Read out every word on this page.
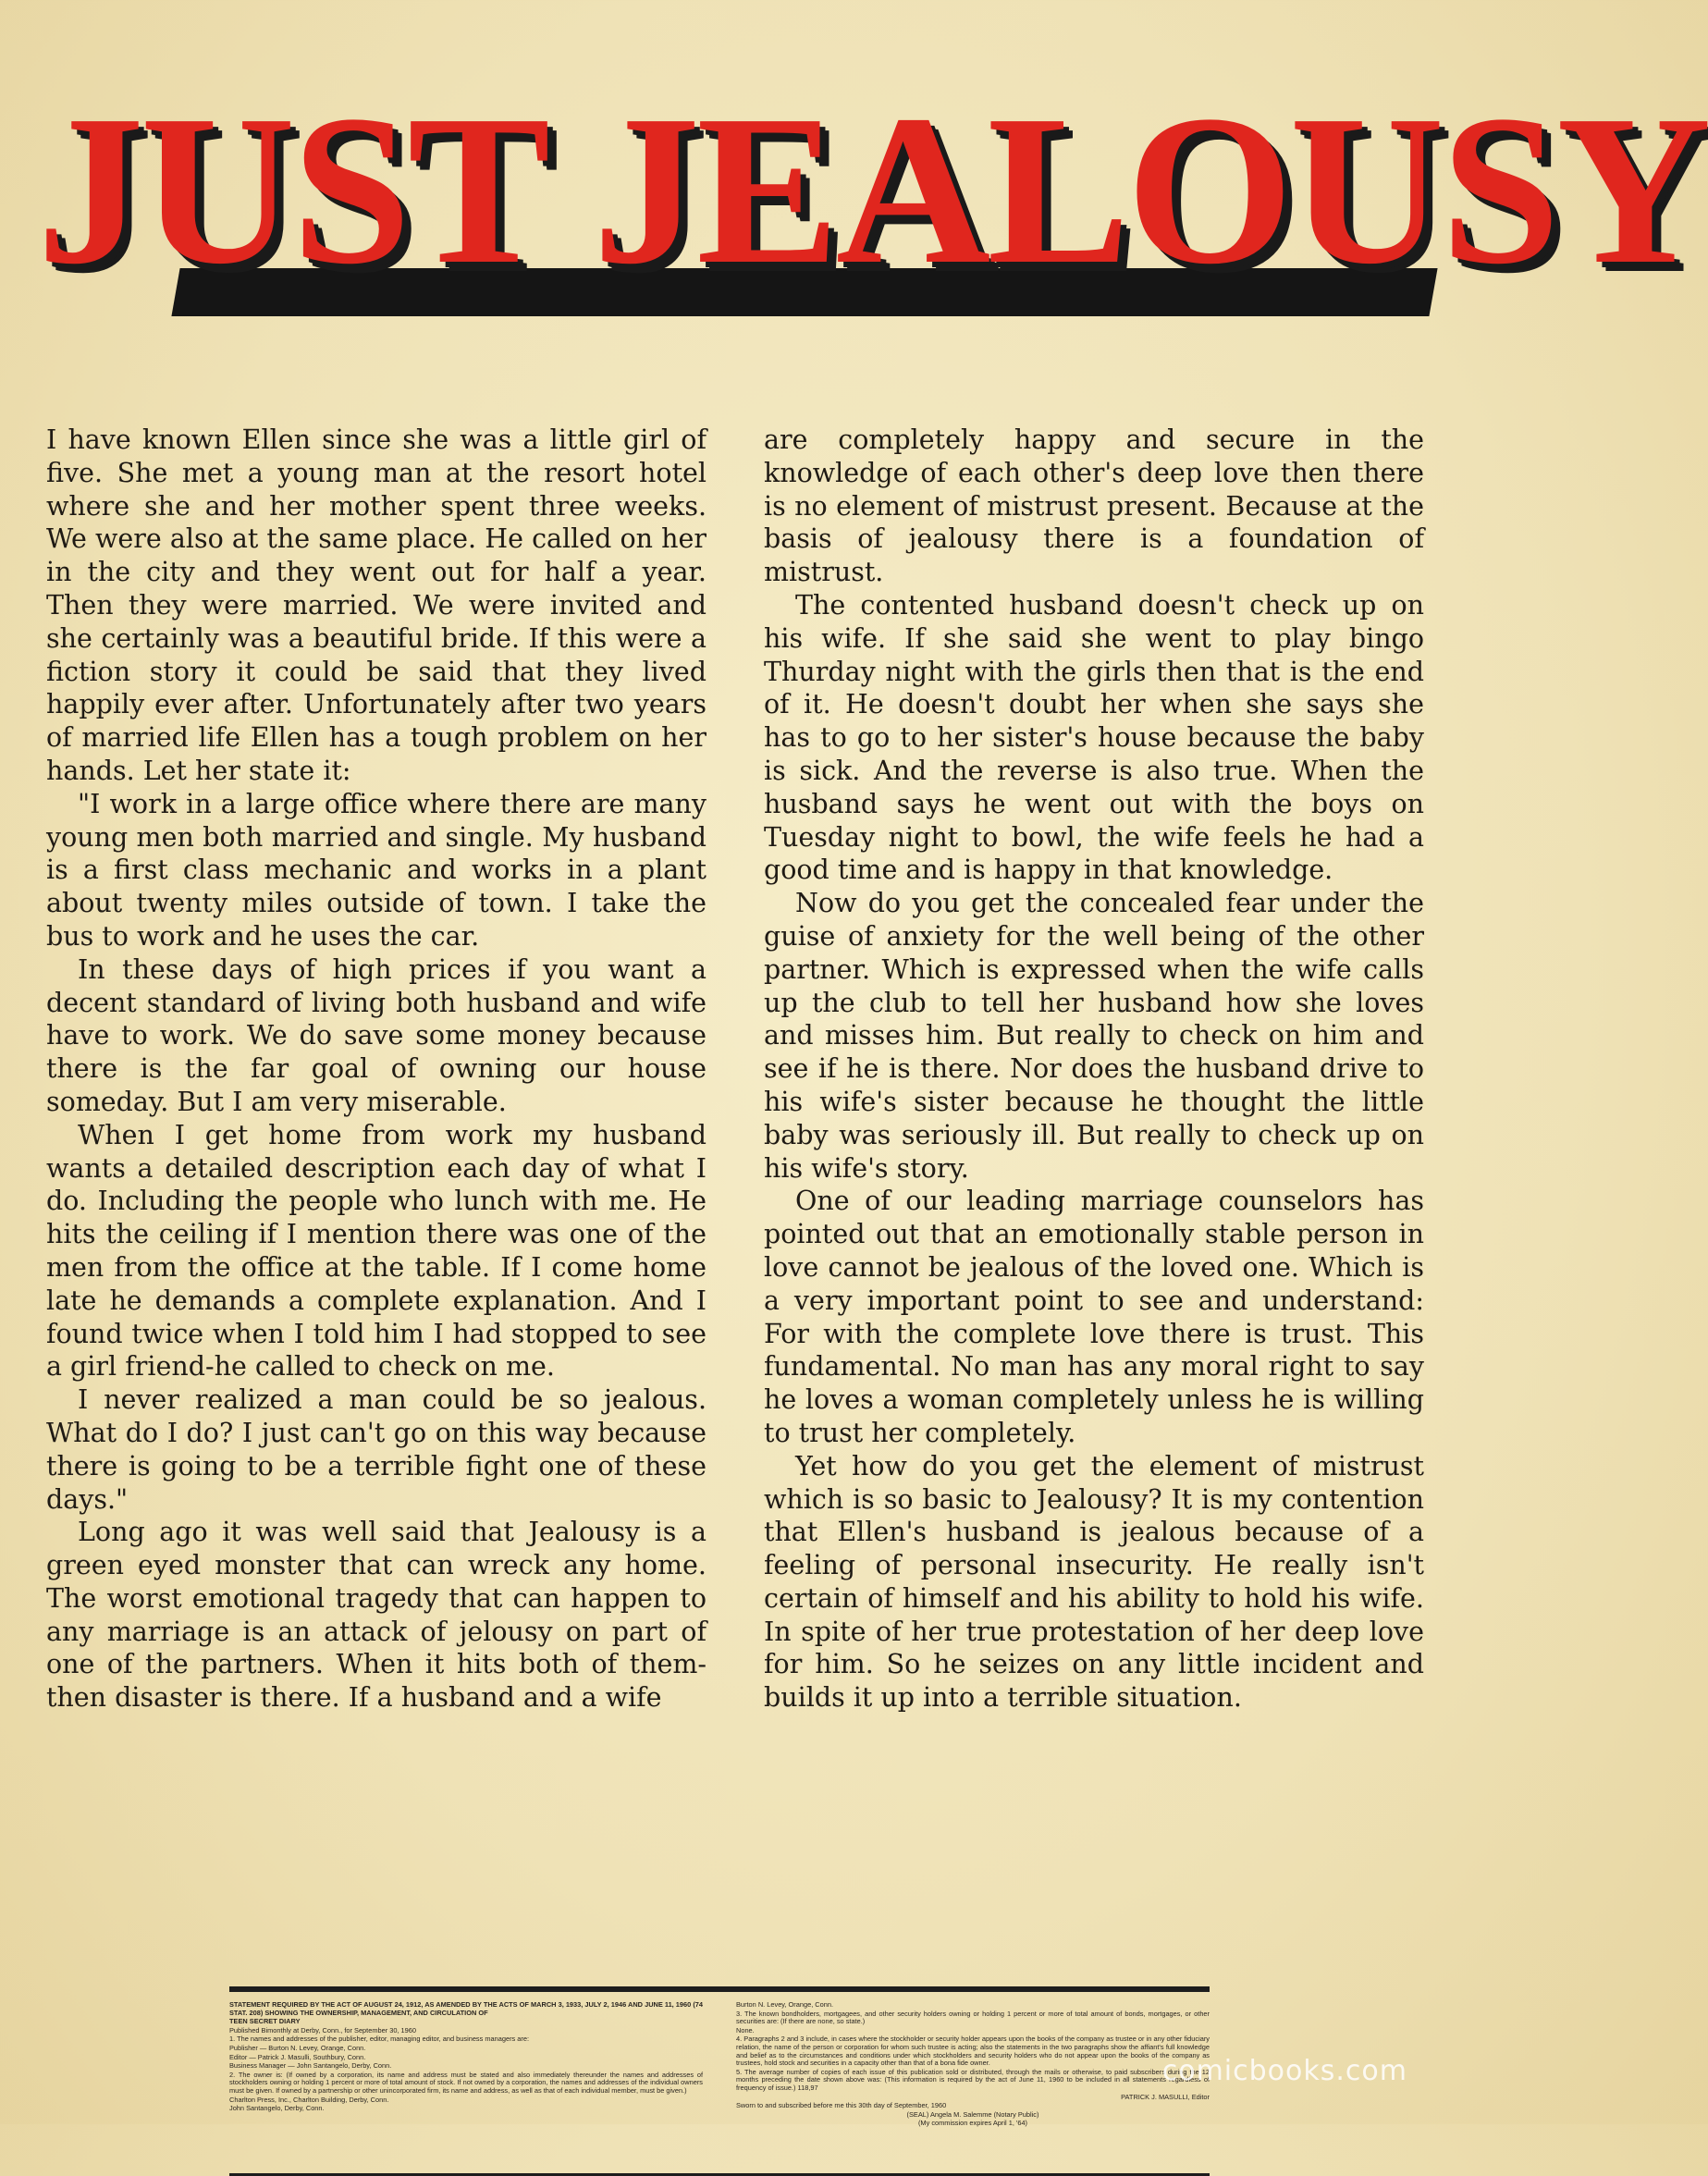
JUST JEALOUSY

I have known Ellen since she was a little girl of five. She met a young man at the resort hotel where she and her mother spent three weeks. We were also at the same place. He called on her in the city and they went out for half a year. Then they were married. We were invited and she certainly was a beautiful bride. If this were a fiction story it could be said that they lived happily ever after. Unfortunately after two years of married life Ellen has a tough problem on her hands. Let her state it:

"I work in a large office where there are many young men both married and single. My husband is a first class mechanic and works in a plant about twenty miles outside of town. I take the bus to work and he uses the car.

In these days of high prices if you want a decent standard of living both husband and wife have to work. We do save some money because there is the far goal of owning our house someday. But I am very miserable.

When I get home from work my husband wants a detailed description each day of what I do. Including the people who lunch with me. He hits the ceiling if I mention there was one of the men from the office at the table. If I come home late he demands a complete explanation. And I found twice when I told him I had stopped to see a girl friend-he called to check on me.

I never realized a man could be so jealous. What do I do? I just can't go on this way because there is going to be a terrible fight one of these days."

Long ago it was well said that Jealousy is a green eyed monster that can wreck any home. The worst emotional tragedy that can happen to any marriage is an attack of jelousy on part of one of the partners. When it hits both of them-then disaster is there. If a husband and a wife

are completely happy and secure in the knowledge of each other's deep love then there is no element of mistrust present. Because at the basis of jealousy there is a foundation of mistrust.

The contented husband doesn't check up on his wife. If she said she went to play bingo Thurday night with the girls then that is the end of it. He doesn't doubt her when she says she has to go to her sister's house because the baby is sick. And the reverse is also true. When the husband says he went out with the boys on Tuesday night to bowl, the wife feels he had a good time and is happy in that knowledge.

Now do you get the concealed fear under the guise of anxiety for the well being of the other partner. Which is expressed when the wife calls up the club to tell her husband how she loves and misses him. But really to check on him and see if he is there. Nor does the husband drive to his wife's sister because he thought the little baby was seriously ill. But really to check up on his wife's story.

One of our leading marriage counselors has pointed out that an emotionally stable person in love cannot be jealous of the loved one. Which is a very important point to see and understand: For with the complete love there is trust. This fundamental. No man has any moral right to say he loves a woman completely unless he is willing to trust her completely.

Yet how do you get the element of mistrust which is so basic to Jealousy? It is my contention that Ellen's husband is jealous because of a feeling of personal insecurity. He really isn't certain of himself and his ability to hold his wife. In spite of her true protestation of her deep love for him. So he seizes on any little incident and builds it up into a terrible situation.

STATEMENT REQUIRED BY THE ACT OF AUGUST 24, 1912, AS AMENDED BY THE ACTS OF MARCH 3, 1933, JULY 2, 1946 AND JUNE 11, 1960 (74 STAT. 208) SHOWING THE OWNERSHIP, MANAGEMENT, AND CIRCULATION OF

TEEN SECRET DIARY

Published Bimonthly at Derby, Conn., for September 30, 1960

1. The names and addresses of the publisher, editor, managing editor, and business managers are:

Publisher — Burton N. Levey, Orange, Conn.

Editor — Patrick J. Masulli, Southbury, Conn.

Business Manager — John Santangelo, Derby, Conn.

2. The owner is: (If owned by a corporation, its name and address must be stated and also immediately thereunder the names and addresses of stockholders owning or holding 1 percent or more of total amount of stock. If not owned by a corporation, the names and addresses of the individual owners must be given. If owned by a partnership or other unincorporated firm, its name and address, as well as that of each individual member, must be given.)

Charlton Press, Inc., Charlton Building, Derby, Conn.

John Santangelo, Derby, Conn.

Burton N. Levey, Orange, Conn.

3. The known bondholders, mortgagees, and other security holders owning or holding 1 percent or more of total amount of bonds, mortgages, or other securities are: (If there are none, so state.)

None.

4. Paragraphs 2 and 3 include, in cases where the stockholder or security holder appears upon the books of the company as trustee or in any other fiduciary relation, the name of the person or corporation for whom such trustee is acting; also the statements in the two paragraphs show the affiant's full knowledge and belief as to the circumstances and conditions under which stockholders and security holders who do not appear upon the books of the company as trustees, hold stock and securities in a capacity other than that of a bona fide owner.

5. The average number of copies of each issue of this publication sold or distributed, through the mails or otherwise, to paid subscribers during the 12 months preceding the date shown above was: (This information is required by the act of June 11, 1960 to be included in all statements regardless of frequency of issue.) 118,97

PATRICK J. MASULLI, Editor

Sworn to and subscribed before me this 30th day of September, 1960

(SEAL) Angela M. Salemme (Notary Public)

(My commission expires April 1, '64)

comicbooks.com
